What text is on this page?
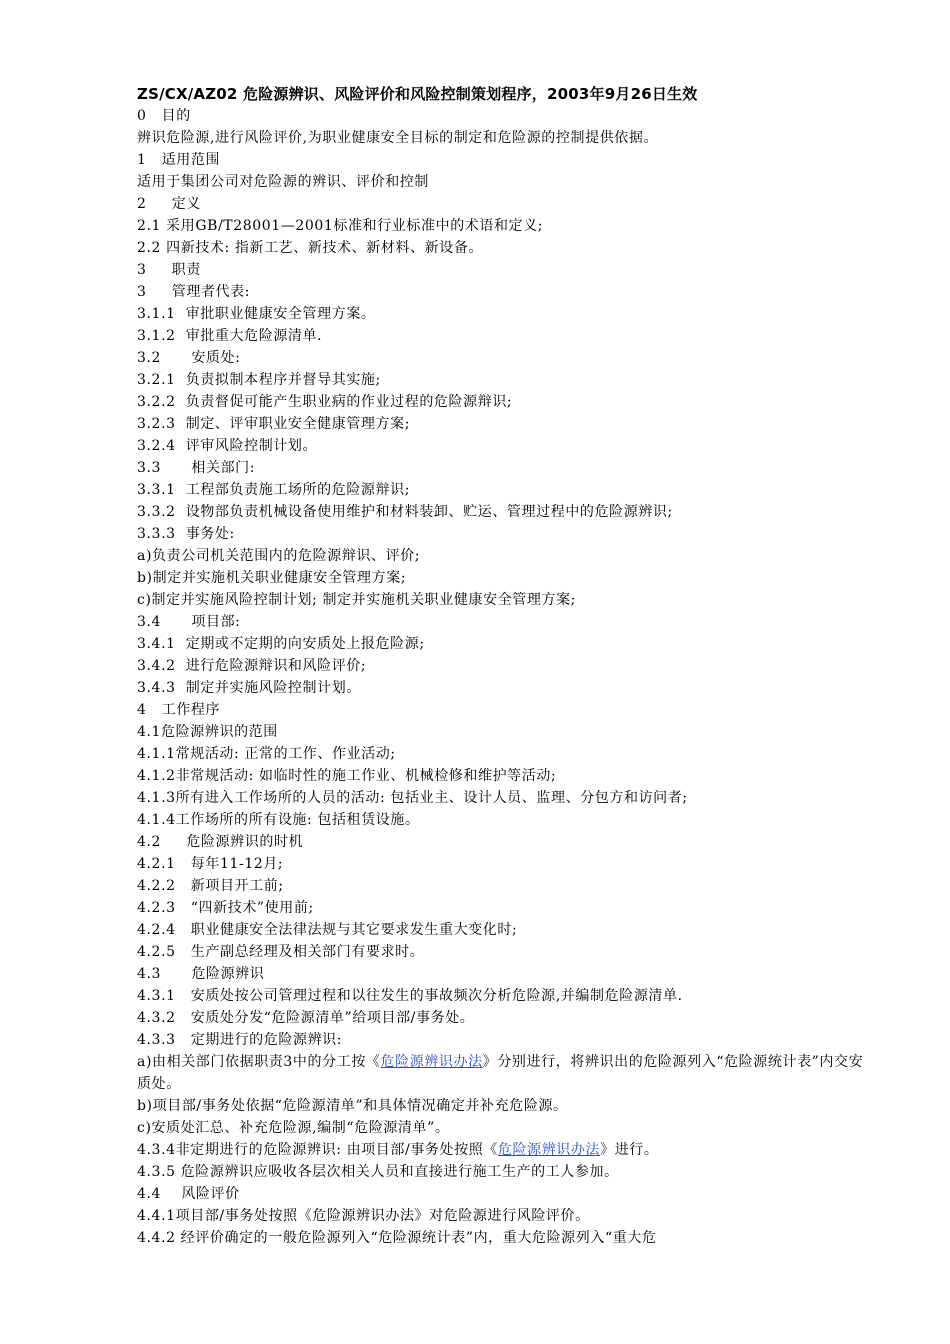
ZS/CX/AZ02 危险源辨识、风险评价和风险控制策划程序，2003年9月26日生效
0   目的
辨识危险源,进行风险评价,为职业健康安全目标的制定和危险源的控制提供依据。
1   适用范围
适用于集团公司对危险源的辨识、评价和控制
2     定义
2.1 采用GB/T28001—2001标准和行业标准中的术语和定义;
2.2 四新技术: 指新工艺、新技术、新材料、新设备。
3     职责
3     管理者代表:
3.1.1  审批职业健康安全管理方案。
3.1.2  审批重大危险源清单.
3.2      安质处:
3.2.1  负责拟制本程序并督导其实施;
3.2.2  负责督促可能产生职业病的作业过程的危险源辩识;
3.2.3  制定、评审职业安全健康管理方案;
3.2.4  评审风险控制计划。
3.3      相关部门:
3.3.1  工程部负责施工场所的危险源辩识;
3.3.2  设物部负责机械设备使用维护和材料装卸、贮运、管理过程中的危险源辨识;
3.3.3  事务处:
a)负责公司机关范围内的危险源辩识、评价;
b)制定并实施机关职业健康安全管理方案;
c)制定并实施风险控制计划; 制定并实施机关职业健康安全管理方案;
3.4      项目部:
3.4.1  定期或不定期的向安质处上报危险源;
3.4.2  进行危险源辩识和风险评价;
3.4.3  制定并实施风险控制计划。
4   工作程序
4.1危险源辨识的范围
4.1.1常规活动: 正常的工作、作业活动;
4.1.2非常规活动: 如临时性的施工作业、机械检修和维护等活动;
4.1.3所有进入工作场所的人员的活动: 包括业主、设计人员、监理、分包方和访问者;
4.1.4工作场所的所有设施: 包括租赁设施。
4.2     危险源辨识的时机
4.2.1   每年11-12月;
4.2.2   新项目开工前;
4.2.3   “四新技术”使用前;
4.2.4   职业健康安全法律法规与其它要求发生重大变化时;
4.2.5   生产副总经理及相关部门有要求时。
4.3      危险源辨识
4.3.1   安质处按公司管理过程和以往发生的事故频次分析危险源,并编制危险源清单.
4.3.2   安质处分发“危险源清单”给项目部/事务处。
4.3.3   定期进行的危险源辨识:
a)由相关部门依据职责3中的分工按《危险源辨识办法》分别进行，将辨识出的危险源列入“危险源统计表”内交安质处。
b)项目部/事务处依据“危险源清单”和具体情况确定并补充危险源。
c)安质处汇总、补充危险源,编制“危险源清单”。
4.3.4非定期进行的危险源辨识: 由项目部/事务处按照《危险源辨识办法》进行。
4.3.5 危险源辨识应吸收各层次相关人员和直接进行施工生产的工人参加。
4.4    风险评价
4.4.1项目部/事务处按照《危险源辨识办法》对危险源进行风险评价。
4.4.2 经评价确定的一般危险源列入“危险源统计表”内，重大危险源列入“重大危
